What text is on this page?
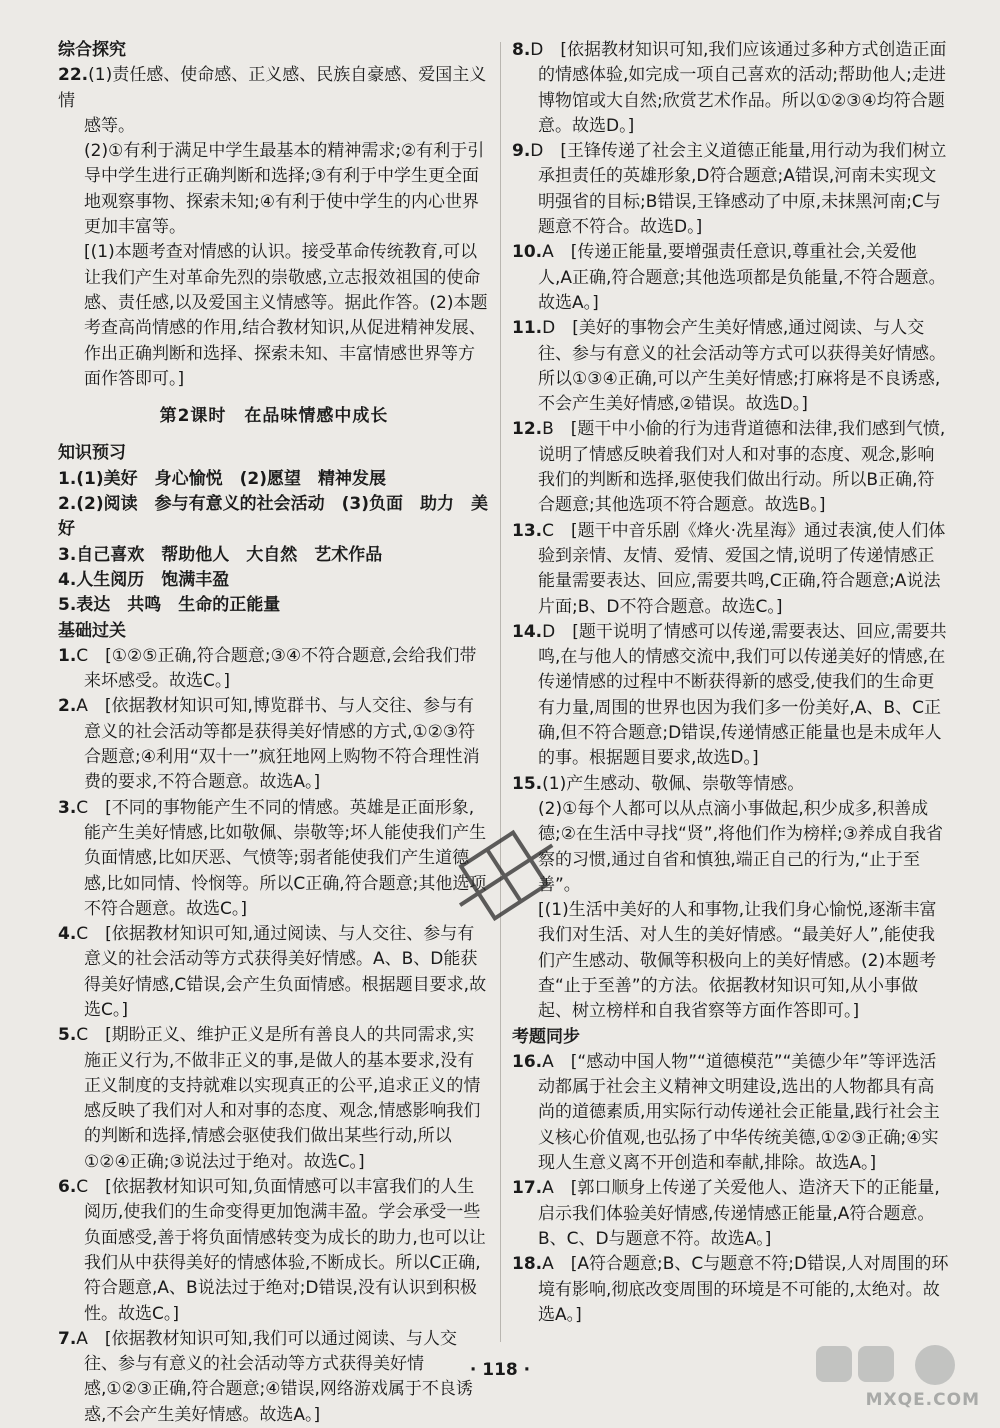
综合探究

22.(1)责任感、使命感、正义感、民族自豪感、爱国主义情

感等。

(2)①有利于满足中学生最基本的精神需求;②有利于引导中学生进行正确判断和选择;③有利于中学生更全面地观察事物、探索未知;④有利于使中学生的内心世界更加丰富等。

[(1)本题考查对情感的认识。接受革命传统教育,可以让我们产生对革命先烈的崇敬感,立志报效祖国的使命感、责任感,以及爱国主义情感等。据此作答。(2)本题考查高尚情感的作用,结合教材知识,从促进精神发展、作出正确判断和选择、探索未知、丰富情感世界等方面作答即可。]

第2课时　在品味情感中成长

知识预习

1.(1)美好　身心愉悦　(2)愿望　精神发展

2.(2)阅读　参与有意义的社会活动　(3)负面　助力　美好

3.自己喜欢　帮助他人　大自然　艺术作品

4.人生阅历　饱满丰盈

5.表达　共鸣　生命的正能量

基础过关

1.C　[①②⑤正确,符合题意;③④不符合题意,会给我们带来坏感受。故选C。]

2.A　[依据教材知识可知,博览群书、与人交往、参与有意义的社会活动等都是获得美好情感的方式,①②③符合题意;④利用“双十一”疯狂地网上购物不符合理性消费的要求,不符合题意。故选A。]

3.C　[不同的事物能产生不同的情感。英雄是正面形象,能产生美好情感,比如敬佩、崇敬等;坏人能使我们产生负面情感,比如厌恶、气愤等;弱者能使我们产生道德感,比如同情、怜悯等。所以C正确,符合题意;其他选项不符合题意。故选C。]

4.C　[依据教材知识可知,通过阅读、与人交往、参与有意义的社会活动等方式获得美好情感。A、B、D能获得美好情感,C错误,会产生负面情感。根据题目要求,故选C。]

5.C　[期盼正义、维护正义是所有善良人的共同需求,实施正义行为,不做非正义的事,是做人的基本要求,没有正义制度的支持就难以实现真正的公平,追求正义的情感反映了我们对人和对事的态度、观念,情感影响我们的判断和选择,情感会驱使我们做出某些行动,所以①②④正确;③说法过于绝对。故选C。]

6.C　[依据教材知识可知,负面情感可以丰富我们的人生阅历,使我们的生命变得更加饱满丰盈。学会承受一些负面感受,善于将负面情感转变为成长的助力,也可以让我们从中获得美好的情感体验,不断成长。所以C正确,符合题意,A、B说法过于绝对;D错误,没有认识到积极性。故选C。]

7.A　[依据教材知识可知,我们可以通过阅读、与人交往、参与有意义的社会活动等方式获得美好情感,①②③正确,符合题意;④错误,网络游戏属于不良诱惑,不会产生美好情感。故选A。]

8.D　[依据教材知识可知,我们应该通过多种方式创造正面的情感体验,如完成一项自己喜欢的活动;帮助他人;走进博物馆或大自然;欣赏艺术作品。所以①②③④均符合题意。故选D。]

9.D　[王锋传递了社会主义道德正能量,用行动为我们树立承担责任的英雄形象,D符合题意;A错误,河南未实现文明强省的目标;B错误,王锋感动了中原,未抹黑河南;C与题意不符合。故选D。]

10.A　[传递正能量,要增强责任意识,尊重社会,关爱他人,A正确,符合题意;其他选项都是负能量,不符合题意。故选A。]

11.D　[美好的事物会产生美好情感,通过阅读、与人交往、参与有意义的社会活动等方式可以获得美好情感。所以①③④正确,可以产生美好情感;打麻将是不良诱惑,不会产生美好情感,②错误。故选D。]

12.B　[题干中小偷的行为违背道德和法律,我们感到气愤,说明了情感反映着我们对人和对事的态度、观念,影响我们的判断和选择,驱使我们做出行动。所以B正确,符合题意;其他选项不符合题意。故选B。]

13.C　[题干中音乐剧《烽火·冼星海》通过表演,使人们体验到亲情、友情、爱情、爱国之情,说明了传递情感正能量需要表达、回应,需要共鸣,C正确,符合题意;A说法片面;B、D不符合题意。故选C。]

14.D　[题干说明了情感可以传递,需要表达、回应,需要共鸣,在与他人的情感交流中,我们可以传递美好的情感,在传递情感的过程中不断获得新的感受,使我们的生命更有力量,周围的世界也因为我们多一份美好,A、B、C正确,但不符合题意;D错误,传递情感正能量也是未成年人的事。根据题目要求,故选D。]

15.(1)产生感动、敬佩、崇敬等情感。

(2)①每个人都可以从点滴小事做起,积少成多,积善成德;②在生活中寻找“贤”,将他们作为榜样;③养成自我省察的习惯,通过自省和慎独,端正自己的行为,“止于至善”。

[(1)生活中美好的人和事物,让我们身心愉悦,逐渐丰富我们对生活、对人生的美好情感。“最美好人”,能使我们产生感动、敬佩等积极向上的美好情感。(2)本题考查“止于至善”的方法。依据教材知识可知,从小事做起、树立榜样和自我省察等方面作答即可。]

考题同步

16.A　[“感动中国人物”“道德模范”“美德少年”等评选活动都属于社会主义精神文明建设,选出的人物都具有高尚的道德素质,用实际行动传递社会正能量,践行社会主义核心价值观,也弘扬了中华传统美德,①②③正确;④实现人生意义离不开创造和奉献,排除。故选A。]

17.A　[郭口顺身上传递了关爱他人、造济天下的正能量,启示我们体验美好情感,传递情感正能量,A符合题意。B、C、D与题意不符。故选A。]

18.A　[A符合题意;B、C与题意不符;D错误,人对周围的环境有影响,彻底改变周围的环境是不可能的,太绝对。故选A。]

· 118 ·
MXQE.COM
